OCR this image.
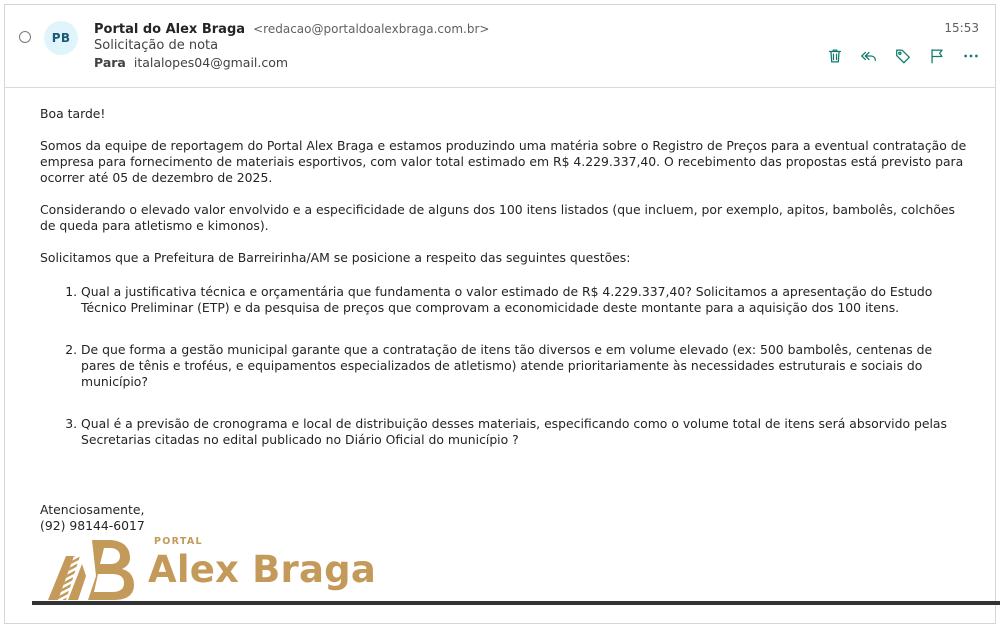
PB
Portal do Alex Braga <redacao@portaldoalexbraga.com.br>
Solicitação de nota
Para italalopes04@gmail.com
15:53

Boa tarde!

Somos da equipe de reportagem do Portal Alex Braga e estamos produzindo uma matéria sobre o Registro de Preços para a eventual contratação de empresa para fornecimento de materiais esportivos, com valor total estimado em R$ 4.229.337,40. O recebimento das propostas está previsto para ocorrer até 05 de dezembro de 2025.

Considerando o elevado valor envolvido e a especificidade de alguns dos 100 itens listados (que incluem, por exemplo, apitos, bambolês, colchões de queda para atletismo e kimonos).

Solicitamos que a Prefeitura de Barreirinha/AM se posicione a respeito das seguintes questões:

1. Qual a justificativa técnica e orçamentária que fundamenta o valor estimado de R$ 4.229.337,40? Solicitamos a apresentação do Estudo Técnico Preliminar (ETP) e da pesquisa de preços que comprovam a economicidade deste montante para a aquisição dos 100 itens.
2. De que forma a gestão municipal garante que a contratação de itens tão diversos e em volume elevado (ex: 500 bambolês, centenas de pares de tênis e troféus, e equipamentos especializados de atletismo) atende prioritariamente às necessidades estruturais e sociais do município?
3. Qual é a previsão de cronograma e local de distribuição desses materiais, especificando como o volume total de itens será absorvido pelas Secretarias citadas no edital publicado no Diário Oficial do município ?
Atenciosamente,
(92) 98144-6017
PORTAL
Alex Braga
